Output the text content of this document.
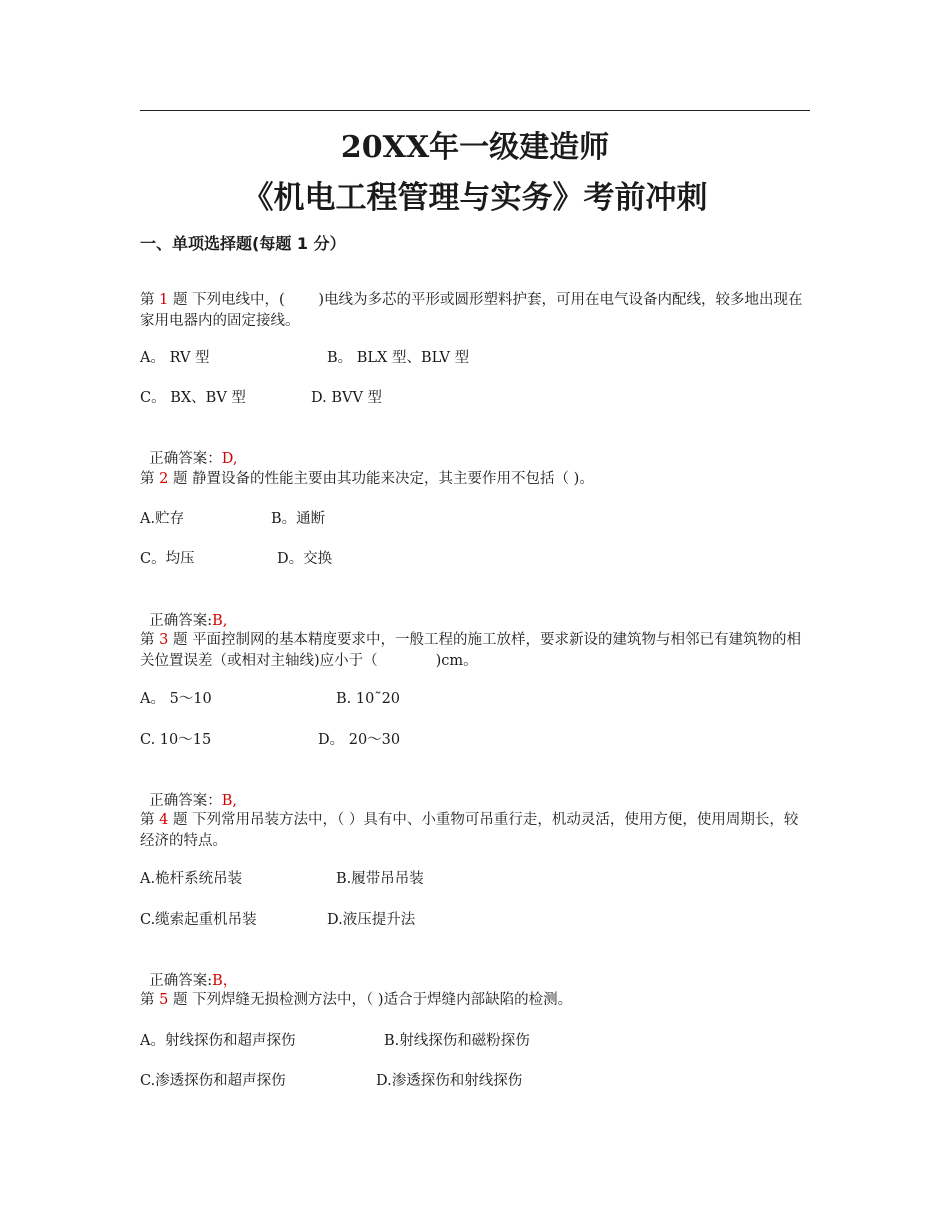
20XX年一级建造师
《机电工程管理与实务》考前冲刺
一、单项选择题(每题 1 分）
第 1 题 下列电线中，(　　 )电线为多芯的平形或圆形塑料护套，可用在电气设备内配线，较多地出现在家用电器内的固定接线。
A。 RV 型	B。 BLX 型、BLV 型
C。 BX、BV 型	D. BVV 型

正确答案：D,

第 2 题 静置设备的性能主要由其功能来决定，其主要作用不包括（ )。
A.贮存	B。通断
C。均压	D。交换

正确答案:B,

第 3 题 平面控制网的基本精度要求中，一般工程的施工放样，要求新设的建筑物与相邻已有建筑物的相关位置误差（或相对主轴线)应小于（　　　　)cm。
A。 5～10	B. 10˜20
C. 10～15	D。 20～30

正确答案：B,

第 4 题 下列常用吊装方法中，（ ）具有中、小重物可吊重行走，机动灵活，使用方便，使用周期长，较经济的特点。
A.桅杆系统吊装	B.履带吊吊装
C.缆索起重机吊装	D.液压提升法

正确答案:B，

第 5 题 下列焊缝无损检测方法中，（ )适合于焊缝内部缺陷的检测。
A。射线探伤和超声探伤	B.射线探伤和磁粉探伤
C.渗透探伤和超声探伤	D.渗透探伤和射线探伤
